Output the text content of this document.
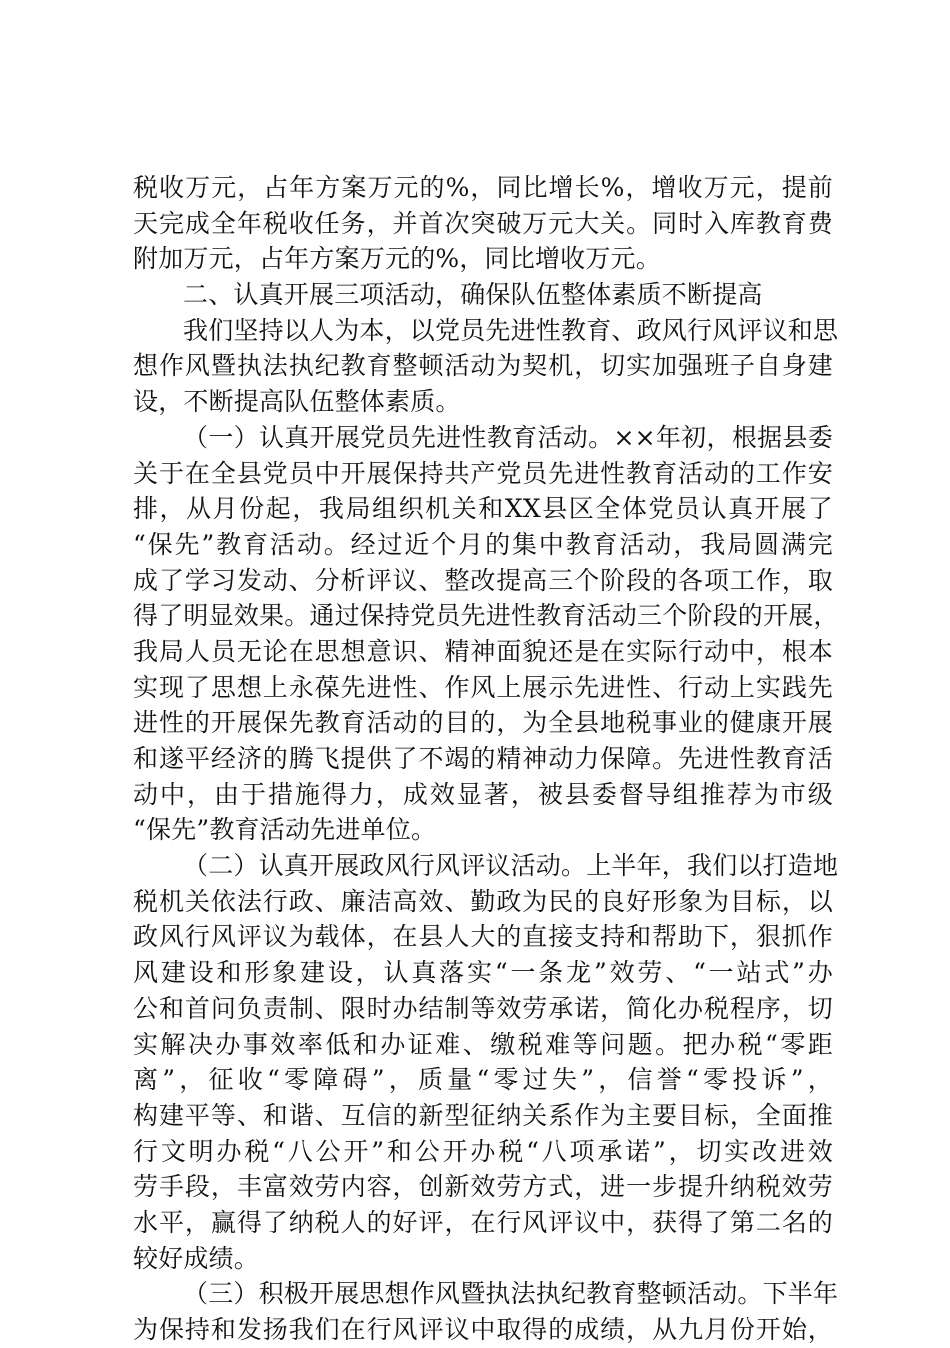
税收万元，占年方案万元的%，同比增长%，增收万元，提前
天完成全年税收任务，并首次突破万元大关。同时入库教育费
附加万元，占年方案万元的%，同比增收万元。
二、认真开展三项活动，确保队伍整体素质不断提高
我们坚持以人为本，以党员先进性教育、政风行风评议和思
想作风暨执法执纪教育整顿活动为契机，切实加强班子自身建
设，不断提高队伍整体素质。
（一）认真开展党员先进性教育活动。××年初，根据县委
关于在全县党员中开展保持共产党员先进性教育活动的工作安
排，从月份起，我局组织机关和XX县区全体党员认真开展了
“保先”教育活动。经过近个月的集中教育活动，我局圆满完
成了学习发动、分析评议、整改提高三个阶段的各项工作，取
得了明显效果。通过保持党员先进性教育活动三个阶段的开展，
我局人员无论在思想意识、精神面貌还是在实际行动中，根本
实现了思想上永葆先进性、作风上展示先进性、行动上实践先
进性的开展保先教育活动的目的，为全县地税事业的健康开展
和遂平经济的腾飞提供了不竭的精神动力保障。先进性教育活
动中，由于措施得力，成效显著，被县委督导组推荐为市级
“保先”教育活动先进单位。
（二）认真开展政风行风评议活动。上半年，我们以打造地
税机关依法行政、廉洁高效、勤政为民的良好形象为目标，以
政风行风评议为载体，在县人大的直接支持和帮助下，狠抓作
风建设和形象建设，认真落实“一条龙”效劳、“一站式”办
公和首问负责制、限时办结制等效劳承诺，简化办税程序，切
实解决办事效率低和办证难、缴税难等问题。把办税“零距
离”，征收“零障碍”，质量“零过失”，信誉“零投诉”，
构建平等、和谐、互信的新型征纳关系作为主要目标，全面推
行文明办税“八公开”和公开办税“八项承诺”，切实改进效
劳手段，丰富效劳内容，创新效劳方式，进一步提升纳税效劳
水平，赢得了纳税人的好评，在行风评议中，获得了第二名的
较好成绩。
（三）积极开展思想作风暨执法执纪教育整顿活动。下半年
为保持和发扬我们在行风评议中取得的成绩，从九月份开始，
